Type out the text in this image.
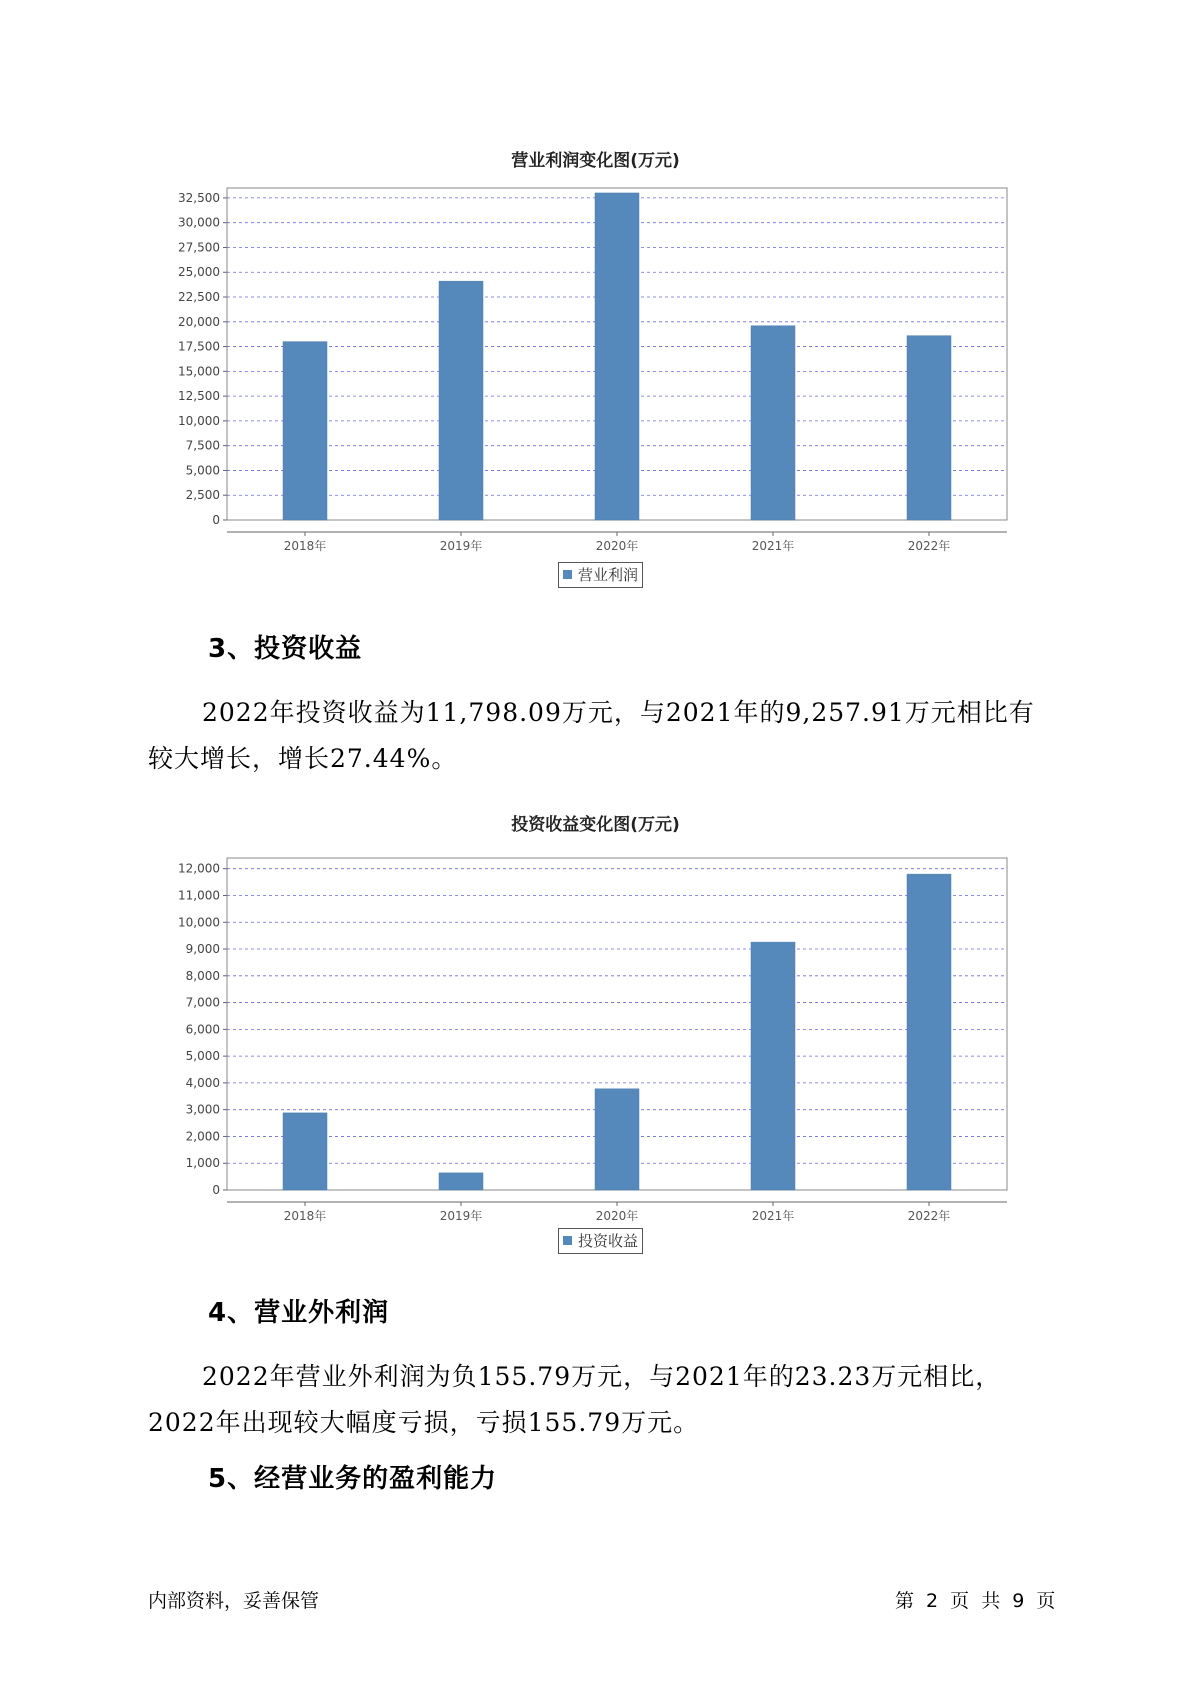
营业利润变化图(万元)
0
2,500
5,000
7,500
10,000
12,500
15,000
17,500
20,000
22,500
25,000
27,500
30,000
32,500
2018年	2019年	2020年	2021年	2022年
营业利润
3、投资收益
2022年投资收益为11,798.09万元，与2021年的9,257.91万元相比有较大增长，增长27.44%。
投资收益变化图(万元)
0
1,000
2,000
3,000
4,000
5,000
6,000
7,000
8,000
9,000
10,000
11,000
12,000
2018年	2019年	2020年	2021年	2022年
投资收益
4、营业外利润
2022年营业外利润为负155.79万元，与2021年的23.23万元相比，2022年出现较大幅度亏损，亏损155.79万元。
5、经营业务的盈利能力
内部资料，妥善保管	第 2 页 共 9 页
